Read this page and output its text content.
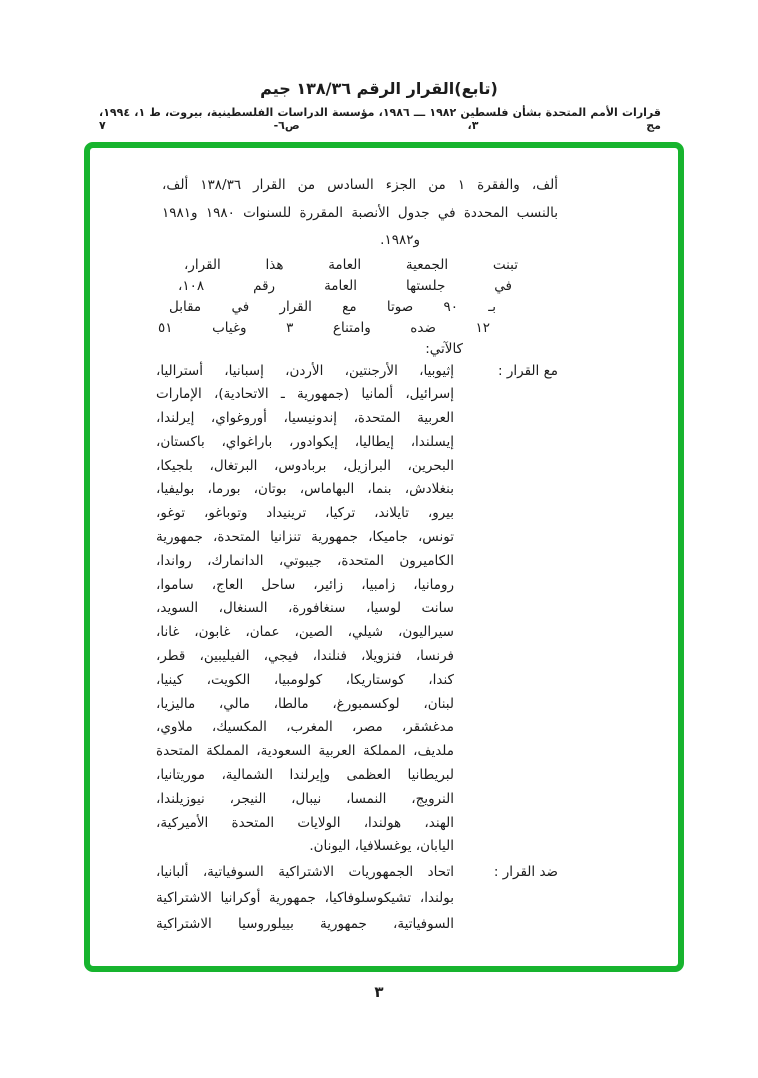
(تابع)القرار الرقم ١٣٨/٣٦ جيم
قرارات الأمم المتحدة بشأن فلسطين ١٩٨٢ ـــ ١٩٨٦، مؤسسة الدراسات الفلسطينية، بيروت، ط ١، ١٩٩٤، مج ٣، ص٦- ٧
ألف، والفقرة ١ من الجزء السادس من القرار ١٣٨/٣٦ ألف،
بالنسب المحددة في جدول الأنصبة المقررة للسنوات ١٩٨٠ و١٩٨١
و١٩٨٢.
تبنت الجمعية العامة هذا القرار،
في جلستها العامة رقم ١٠٨،
بـ ٩٠ صوتا مع القرار في مقابل
١٢ ضده وامتناع ٣ وغياب ٥١
كالآتي:
مع القرار :
إثيوبيا، الأرجنتين، الأردن، إسبانيا، أستراليا،
إسرائيل، ألمانيا (جمهورية ـ الاتحادية)، الإمارات
العربية المتحدة، إندونيسيا، أوروغواي، إيرلندا،
إيسلندا، إيطاليا، إيكوادور، باراغواي، باكستان،
البحرين، البرازيل، بربادوس، البرتغال، بلجيكا،
بنغلادش، بنما، البهاماس، بوتان، بورما، بوليفيا،
بيرو، تايلاند، تركيا، ترينيداد وتوباغو، توغو،
تونس، جاميكا، جمهورية تنزانيا المتحدة، جمهورية
الكاميرون المتحدة، جيبوتي، الدانمارك، رواندا،
رومانيا، زامبيا، زائير، ساحل العاج، ساموا،
سانت لوسيا، سنغافورة، السنغال، السويد،
سيراليون، شيلي، الصين، عمان، غابون، غانا،
فرنسا، فنزويلا، فنلندا، فيجي، الفيليبين، قطر،
كندا، كوستاريكا، كولومبيا، الكويت، كينيا،
لبنان، لوكسمبورغ، مالطا، مالي، ماليزيا،
مدغشقر، مصر، المغرب، المكسيك، ملاوي،
ملديف، المملكة العربية السعودية، المملكة المتحدة
لبريطانيا العظمى وإيرلندا الشمالية، موريتانيا،
النرويج، النمسا، نيبال، النيجر، نيوزيلندا،
الهند، هولندا، الولايات المتحدة الأميركية،
اليابان، يوغسلافيا، اليونان.
ضد القرار :
اتحاد الجمهوريات الاشتراكية السوفياتية، ألبانيا،
بولندا، تشيكوسلوفاكيا، جمهورية أوكرانيا الاشتراكية
السوفياتية، جمهورية بييلوروسيا الاشتراكية
٣
